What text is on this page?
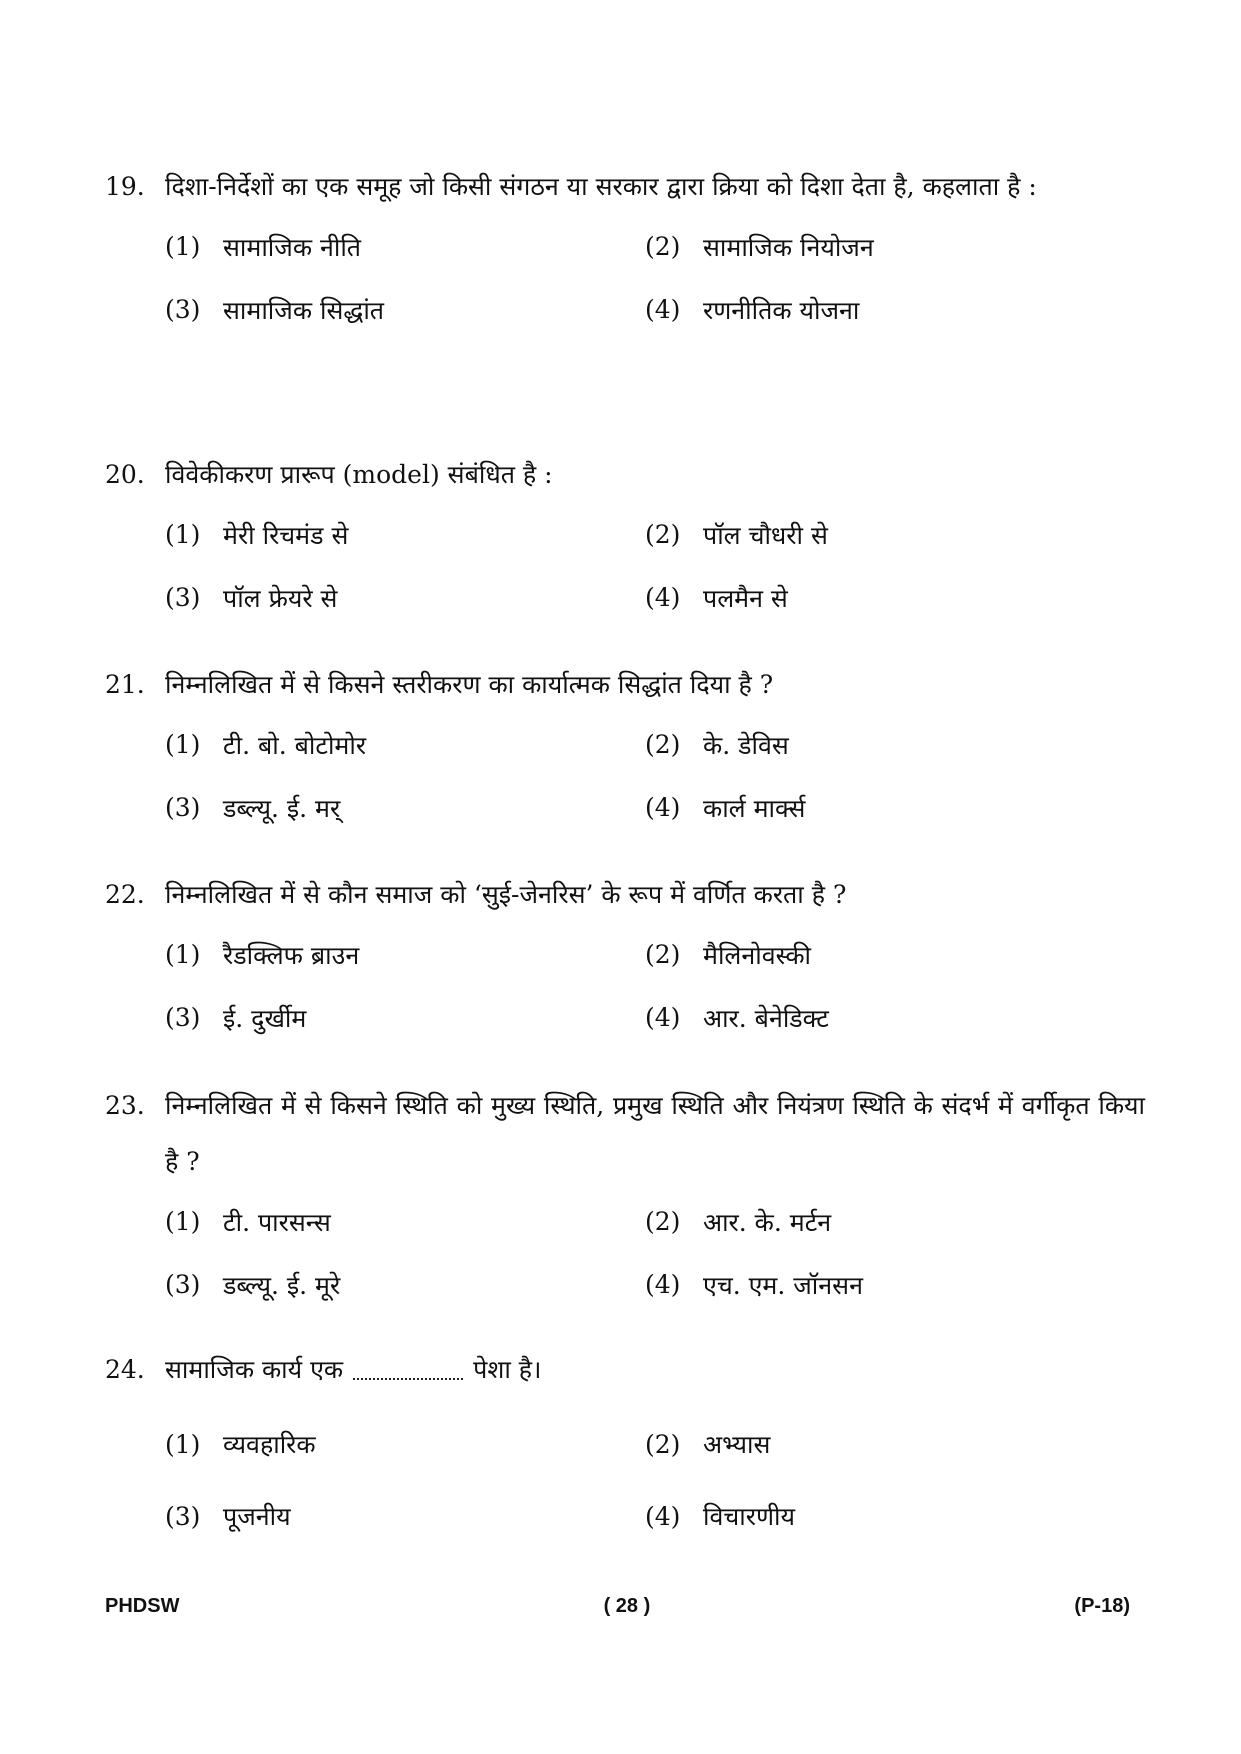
19. दिशा-निर्देशों का एक समूह जो किसी संगठन या सरकार द्वारा क्रिया को दिशा देता है, कहलाता है :
(1) सामाजिक नीति	(2) सामाजिक नियोजन
(3) सामाजिक सिद्धांत	(4) रणनीतिक योजना
20. विवेकीकरण प्रारूप (model) संबंधित है :
(1) मेरी रिचमंड से	(2) पॉल चौधरी से
(3) पॉल फ्रेयरे से	(4) पलमैन से
21. निम्नलिखित में से किसने स्तरीकरण का कार्यात्मक सिद्धांत दिया है ?
(1) टी. बो. बोटोमोर	(2) के. डेविस
(3) डब्ल्यू. ई. मर्	(4) कार्ल मार्क्स
22. निम्नलिखित में से कौन समाज को ‘सुई-जेनरिस’ के रूप में वर्णित करता है ?
(1) रैडक्लिफ ब्राउन	(2) मैलिनोवस्की
(3) ई. दुर्खीम	(4) आर. बेनेडिक्ट
23. निम्नलिखित में से किसने स्थिति को मुख्य स्थिति, प्रमुख स्थिति और नियंत्रण स्थिति के संदर्भ में वर्गीकृत किया है ?
(1) टी. पारसन्स	(2) आर. के. मर्टन
(3) डब्ल्यू. ई. मूरे	(4) एच. एम. जॉनसन
24. सामाजिक कार्य एक	पेशा है।
(1) व्यवहारिक	(2) अभ्यास
(3) पूजनीय	(4) विचारणीय
PHDSW	( 28 )	(P-18)
